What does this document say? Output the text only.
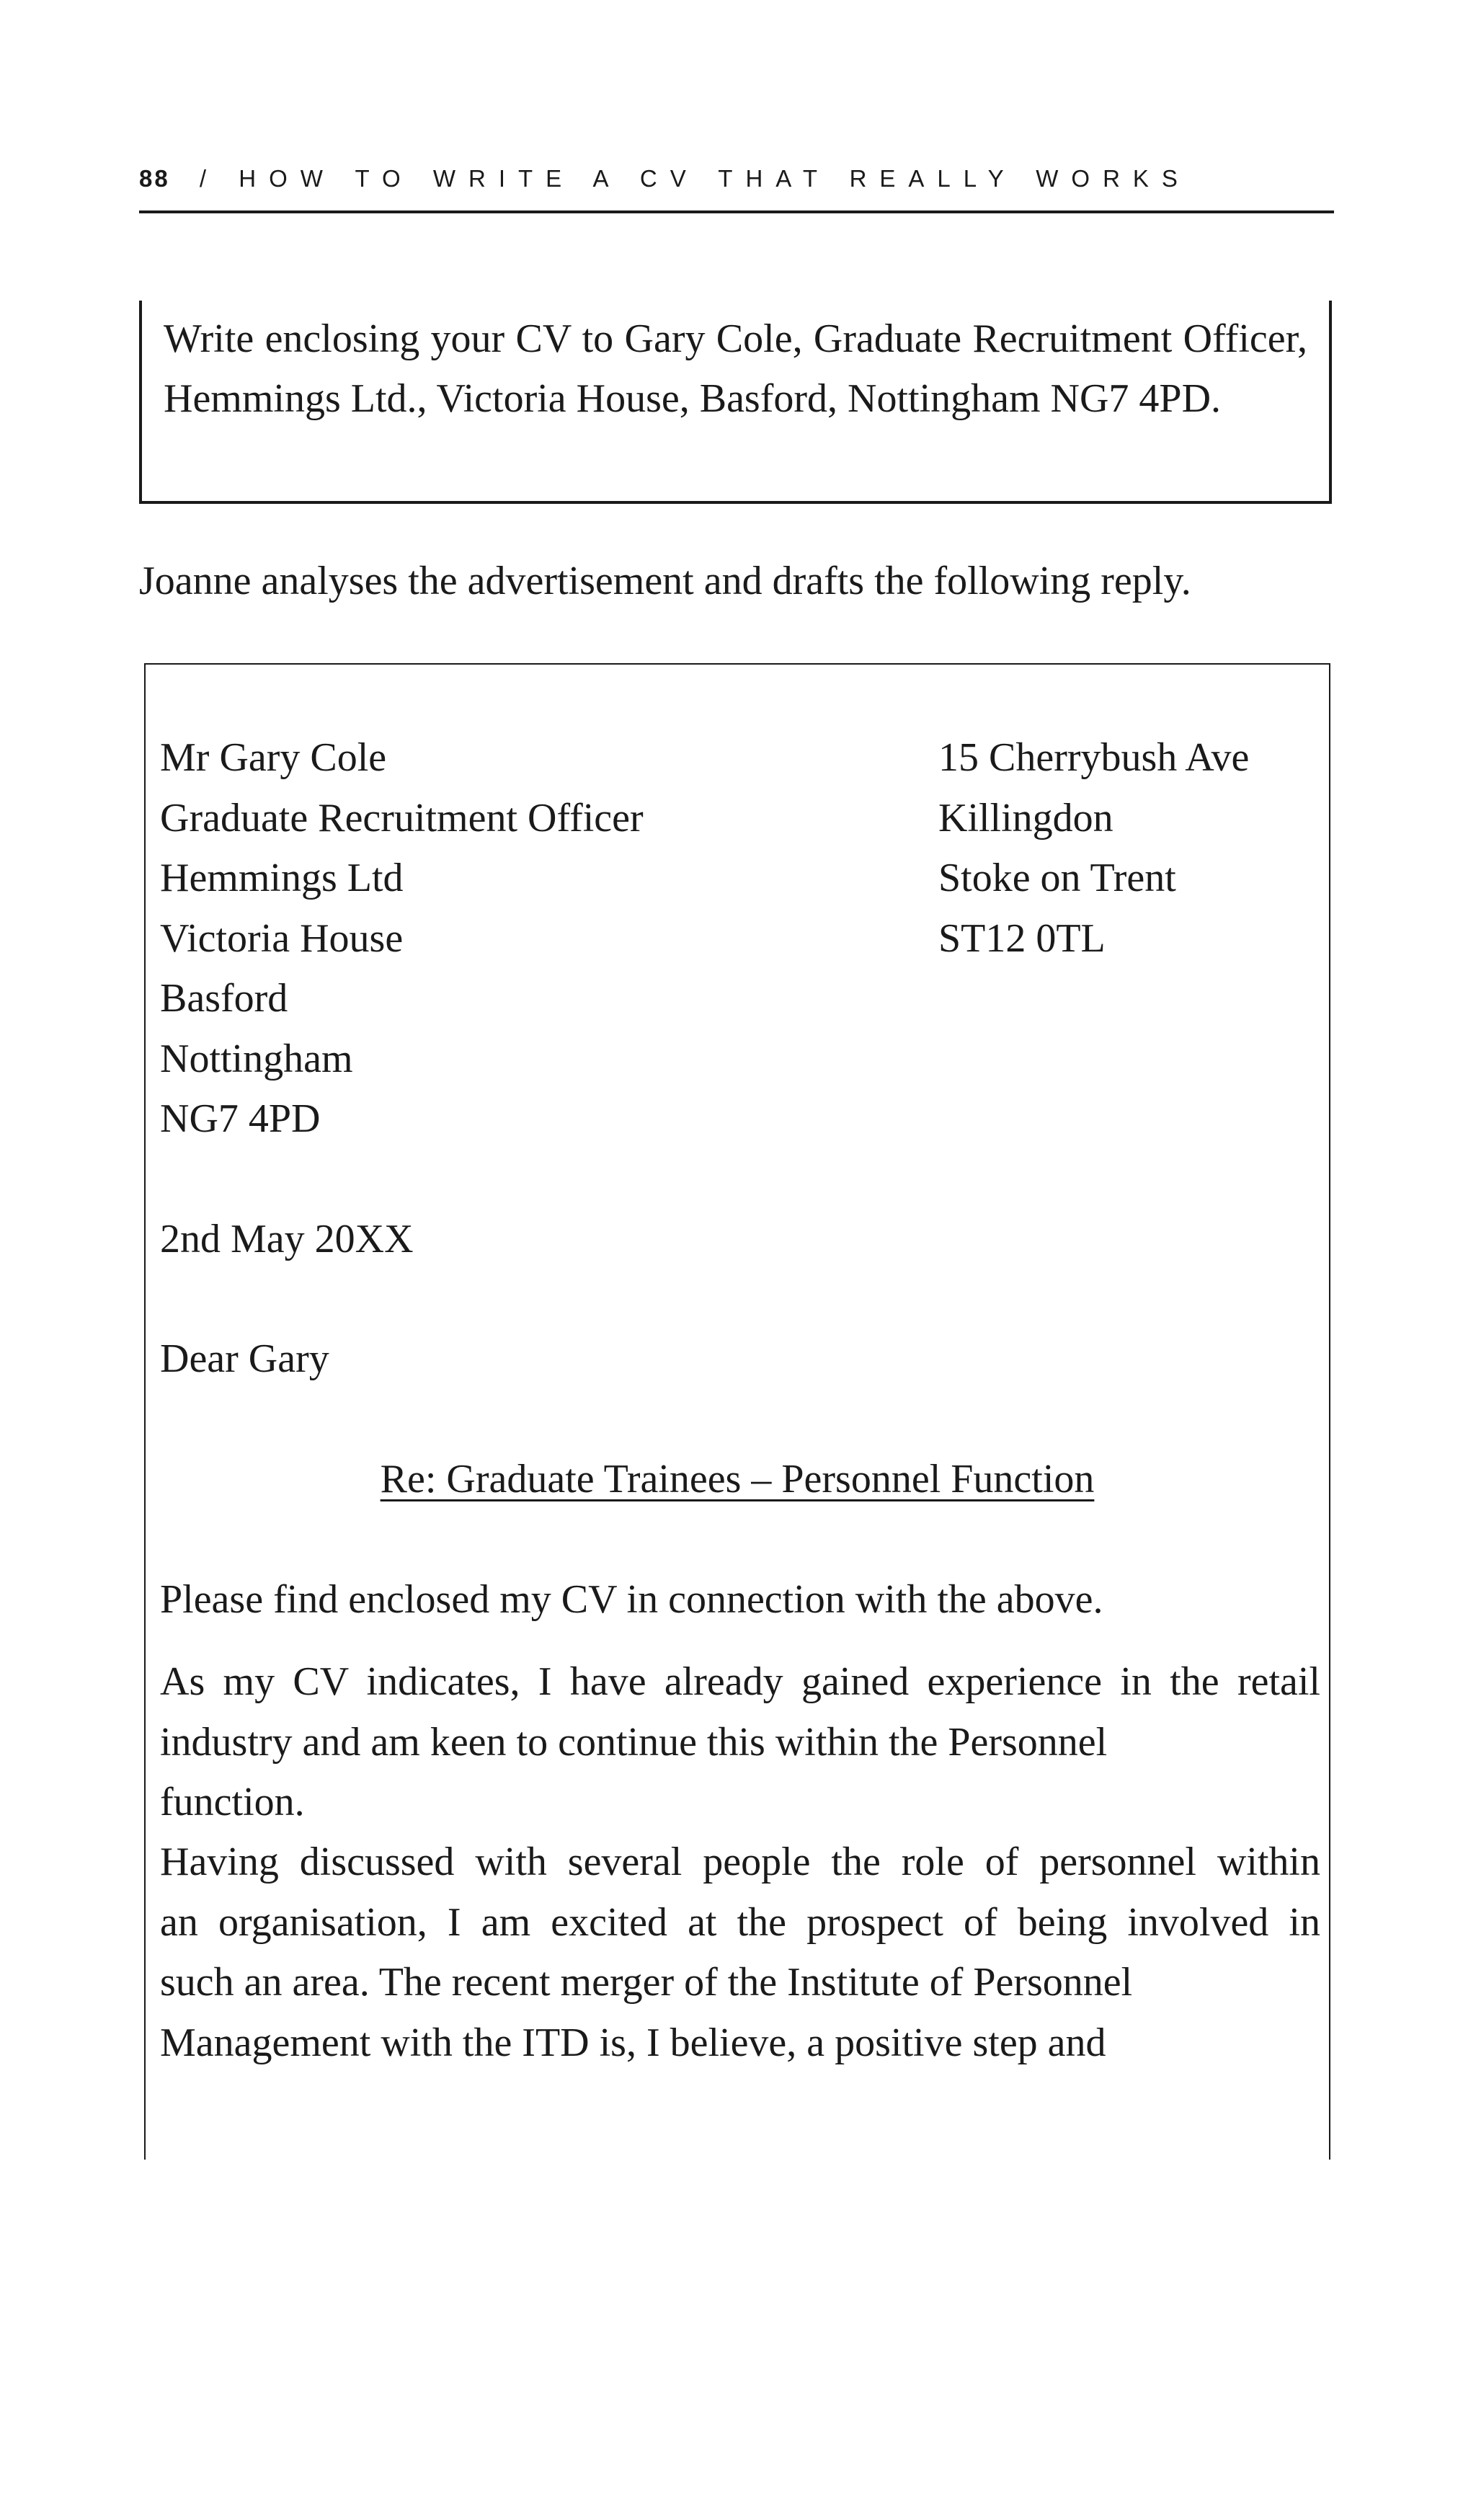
88 / HOW TO WRITE A CV THAT REALLY WORKS
Write enclosing your CV to Gary Cole, Graduate Recruitment Officer, Hemmings Ltd., Victoria House, Basford, Nottingham NG7 4PD.
Joanne analyses the advertisement and drafts the following reply.
Mr Gary Cole
Graduate Recruitment Officer
Hemmings Ltd
Victoria House
Basford
Nottingham
NG7 4PD
15 Cherrybush Ave
Killingdon
Stoke on Trent
ST12 0TL
2nd May 20XX
Dear Gary
Re: Graduate Trainees – Personnel Function
Please find enclosed my CV in connection with the above.
As my CV indicates, I have already gained experience in the retail
industry and am keen to continue this within the Personnel
function.
Having discussed with several people the role of personnel within
an organisation, I am excited at the prospect of being involved in
such an area. The recent merger of the Institute of Personnel
Management with the ITD is, I believe, a positive step and
